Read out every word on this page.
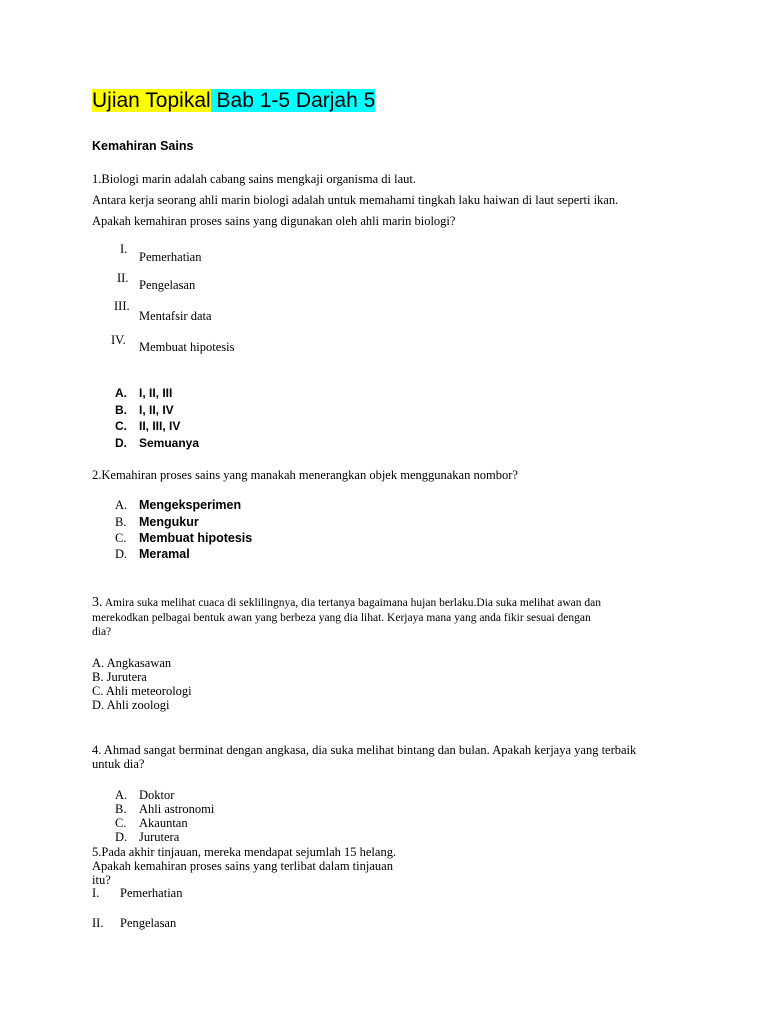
Ujian Topikal Bab 1-5 Darjah 5
Kemahiran Sains
1.Biologi marin adalah cabang sains mengkaji organisma di laut.
Antara kerja seorang ahli marin biologi adalah untuk memahami tingkah laku haiwan di laut seperti ikan.
Apakah kemahiran proses sains yang digunakan oleh ahli marin biologi?
I.
Pemerhatian
II. Pengelasan
III.
Mentafsir data
IV. Membuat hipotesis
A. I, II, III
B. I, II, IV
C. II, III, IV
D. Semuanya
2.Kemahiran proses sains yang manakah menerangkan objek menggunakan nombor?
A. Mengeksperimen
B. Mengukur
C. Membuat hipotesis
D. Meramal
3. Amira suka melihat cuaca di seklilingnya, dia tertanya bagaimana hujan berlaku.Dia suka melihat awan dan
merekodkan pelbagai bentuk awan yang berbeza yang dia lihat. Kerjaya mana yang anda fikir sesuai dengan
dia?
A. Angkasawan
B. Jurutera
C. Ahli meteorologi
D. Ahli zoologi
4. Ahmad sangat berminat dengan angkasa, dia suka melihat bintang dan bulan. Apakah kerjaya yang terbaik
untuk dia?
A. Doktor
B. Ahli astronomi
C. Akauntan
D. Jurutera
5.Pada akhir tinjauan, mereka mendapat sejumlah 15 helang.
Apakah kemahiran proses sains yang terlibat dalam tinjauan
itu?
I. Pemerhatian
II. Pengelasan
